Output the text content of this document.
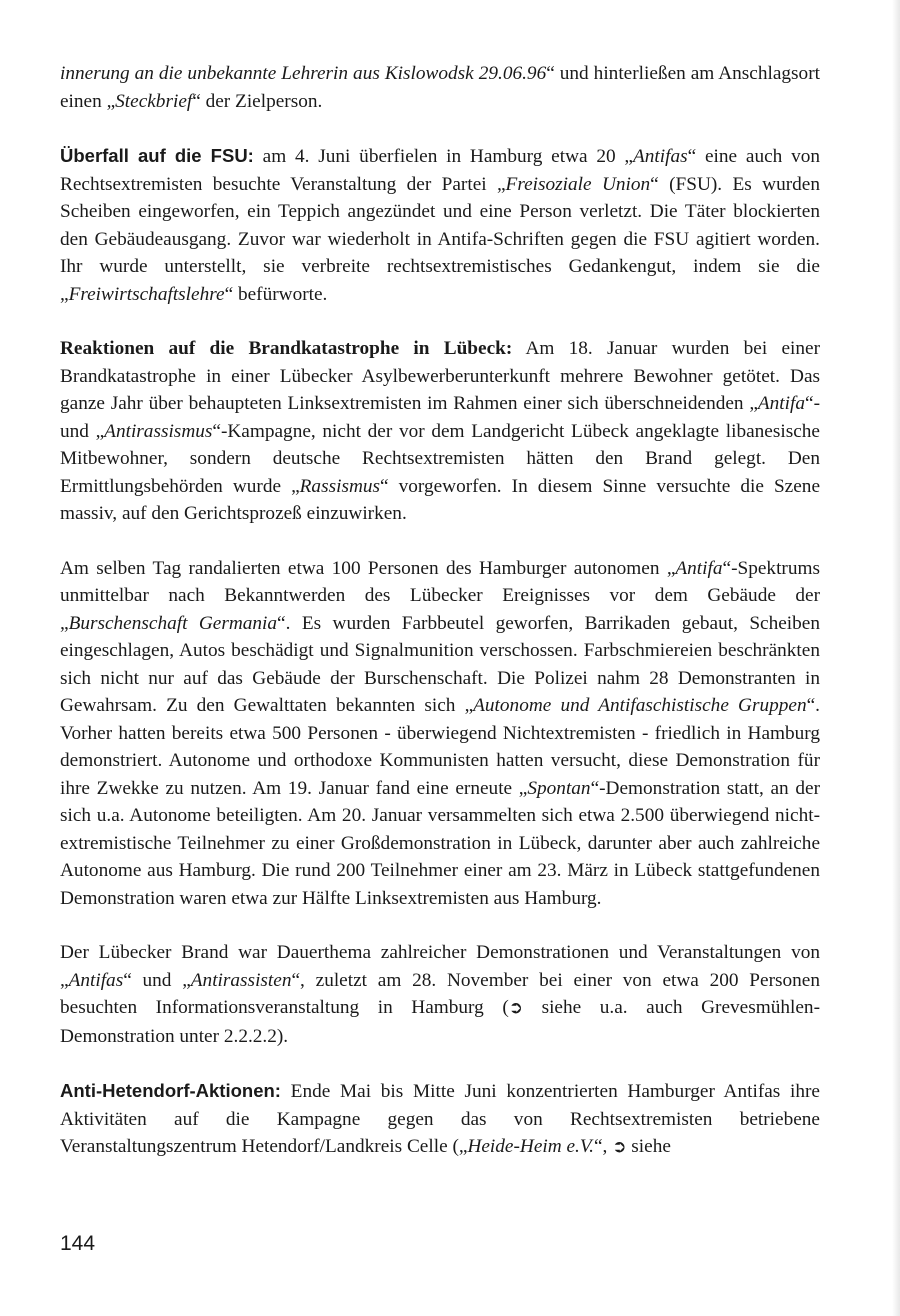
innerung an die unbekannte Lehrerin aus Kislowodsk 29.06.96“ und hinterließen am Anschlagsort einen „Steckbrief“ der Zielperson.

Überfall auf die FSU: am 4. Juni überfielen in Hamburg etwa 20 „Antifas“ eine auch von Rechtsextremisten besuchte Veranstaltung der Partei „Freisoziale Union“ (FSU). Es wurden Scheiben eingeworfen, ein Teppich angezündet und eine Person verletzt. Die Täter blockierten den Gebäudeausgang. Zuvor war wiederholt in Antifa-Schriften gegen die FSU agitiert worden. Ihr wurde unterstellt, sie verbreite rechtsextremistisches Gedankengut, indem sie die „Freiwirtschaftslehre“ befürworte.

Reaktionen auf die Brandkatastrophe in Lübeck: Am 18. Januar wurden bei einer Brandkatastrophe in einer Lübecker Asylbewerberunterkunft mehrere Bewohner getötet. Das ganze Jahr über behaupteten Linksextremisten im Rahmen einer sich überschneidenden „Antifa“- und „Antirassismus“-Kampagne, nicht der vor dem Landgericht Lübeck angeklagte libanesische Mitbewohner, sondern deutsche Rechtsextremisten hätten den Brand gelegt. Den Ermittlungsbehörden wurde „Rassismus“ vorgeworfen. In diesem Sinne versuchte die Szene massiv, auf den Gerichtsprozeß einzuwirken.

Am selben Tag randalierten etwa 100 Personen des Hamburger autonomen „Antifa“-Spektrums unmittelbar nach Bekanntwerden des Lübecker Ereignisses vor dem Gebäude der „Burschenschaft Germania“. Es wurden Farbbeutel geworfen, Barrikaden gebaut, Scheiben eingeschlagen, Autos beschädigt und Signalmunition verschossen. Farbschmiereien beschränkten sich nicht nur auf das Gebäude der Burschenschaft. Die Polizei nahm 28 Demonstranten in Gewahrsam. Zu den Gewalttaten bekannten sich „Autonome und Antifaschistische Gruppen“. Vorher hatten bereits etwa 500 Personen - überwiegend Nichtextremisten - friedlich in Hamburg demonstriert. Autonome und orthodoxe Kommunisten hatten versucht, diese Demonstration für ihre Zwekke zu nutzen. Am 19. Januar fand eine erneute „Spontan“-Demonstration statt, an der sich u.a. Autonome beteiligten. Am 20. Januar versammelten sich etwa 2.500 überwiegend nicht-extremistische Teilnehmer zu einer Großdemonstration in Lübeck, darunter aber auch zahlreiche Autonome aus Hamburg. Die rund 200 Teilnehmer einer am 23. März in Lübeck stattgefundenen Demonstration waren etwa zur Hälfte Linksextremisten aus Hamburg.

Der Lübecker Brand war Dauerthema zahlreicher Demonstrationen und Veranstaltungen von „Antifas“ und „Antirassisten“, zuletzt am 28. November bei einer von etwa 200 Personen besuchten Informationsveranstaltung in Hamburg (➲ siehe u.a. auch Grevesmühlen-Demonstration unter 2.2.2.2).

Anti-Hetendorf-Aktionen: Ende Mai bis Mitte Juni konzentrierten Hamburger Antifas ihre Aktivitäten auf die Kampagne gegen das von Rechtsextremisten betriebene Veranstaltungszentrum Hetendorf/Landkreis Celle („Heide-Heim e.V.“, ➲ siehe

144
